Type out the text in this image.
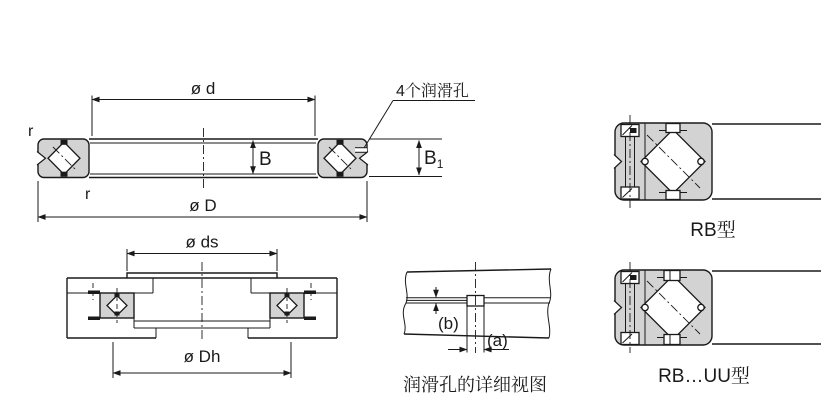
ø d
ø D
B	$B_1$
r
r
4个润滑孔
RB型
ø ds
ø Dh
(a)
(b)
润滑孔的详细视图	RB…UU型
